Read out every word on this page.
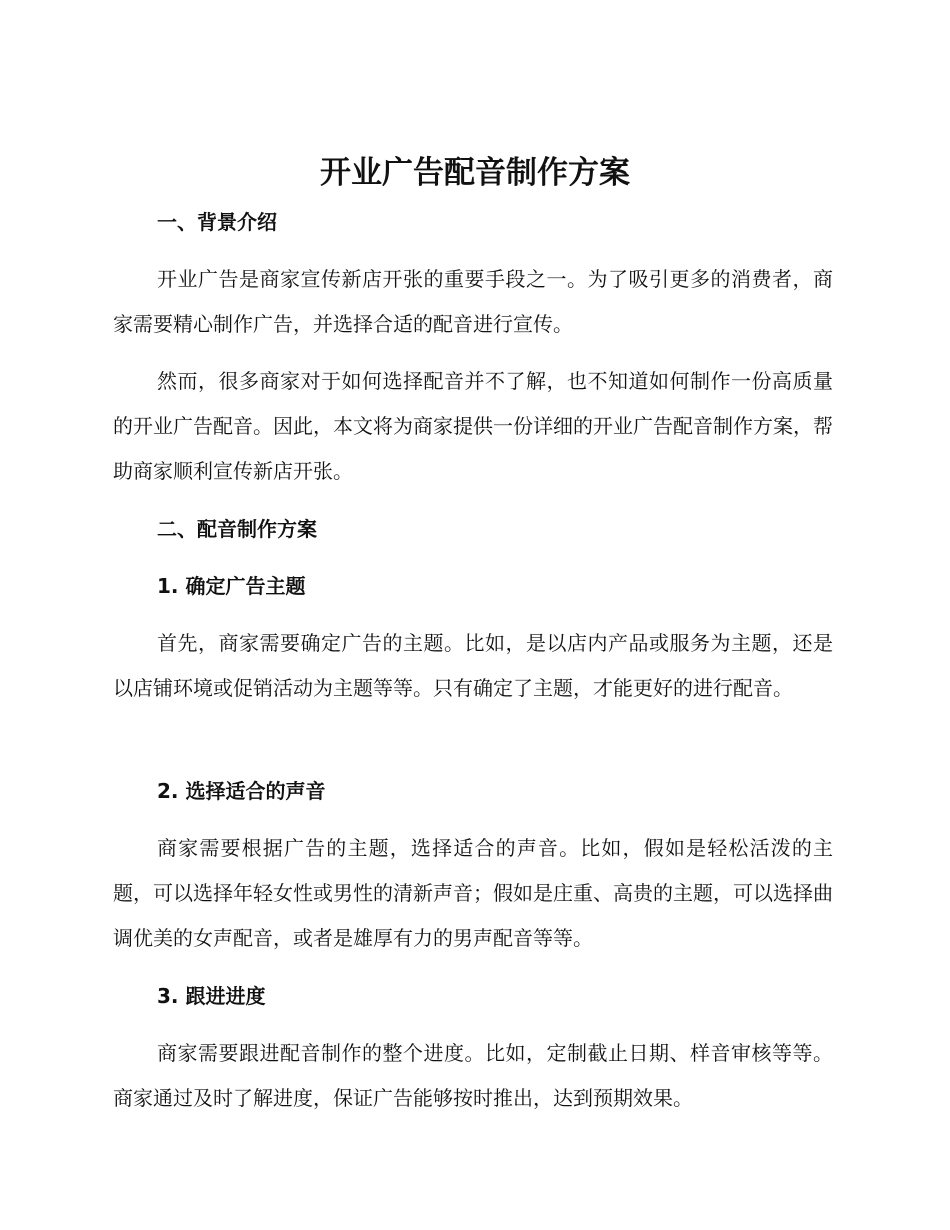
开业广告配音制作方案
一、背景介绍

开业广告是商家宣传新店开张的重要手段之一。为了吸引更多的消费者，商家需要精心制作广告，并选择合适的配音进行宣传。

然而，很多商家对于如何选择配音并不了解，也不知道如何制作一份高质量的开业广告配音。因此，本文将为商家提供一份详细的开业广告配音制作方案，帮助商家顺利宣传新店开张。

二、配音制作方案
1. 确定广告主题

首先，商家需要确定广告的主题。比如，是以店内产品或服务为主题，还是以店铺环境或促销活动为主题等等。只有确定了主题，才能更好的进行配音。

2. 选择适合的声音

商家需要根据广告的主题，选择适合的声音。比如，假如是轻松活泼的主题，可以选择年轻女性或男性的清新声音；假如是庄重、高贵的主题，可以选择曲调优美的女声配音，或者是雄厚有力的男声配音等等。

3. 跟进进度

商家需要跟进配音制作的整个进度。比如，定制截止日期、样音审核等等。商家通过及时了解进度，保证广告能够按时推出，达到预期效果。
